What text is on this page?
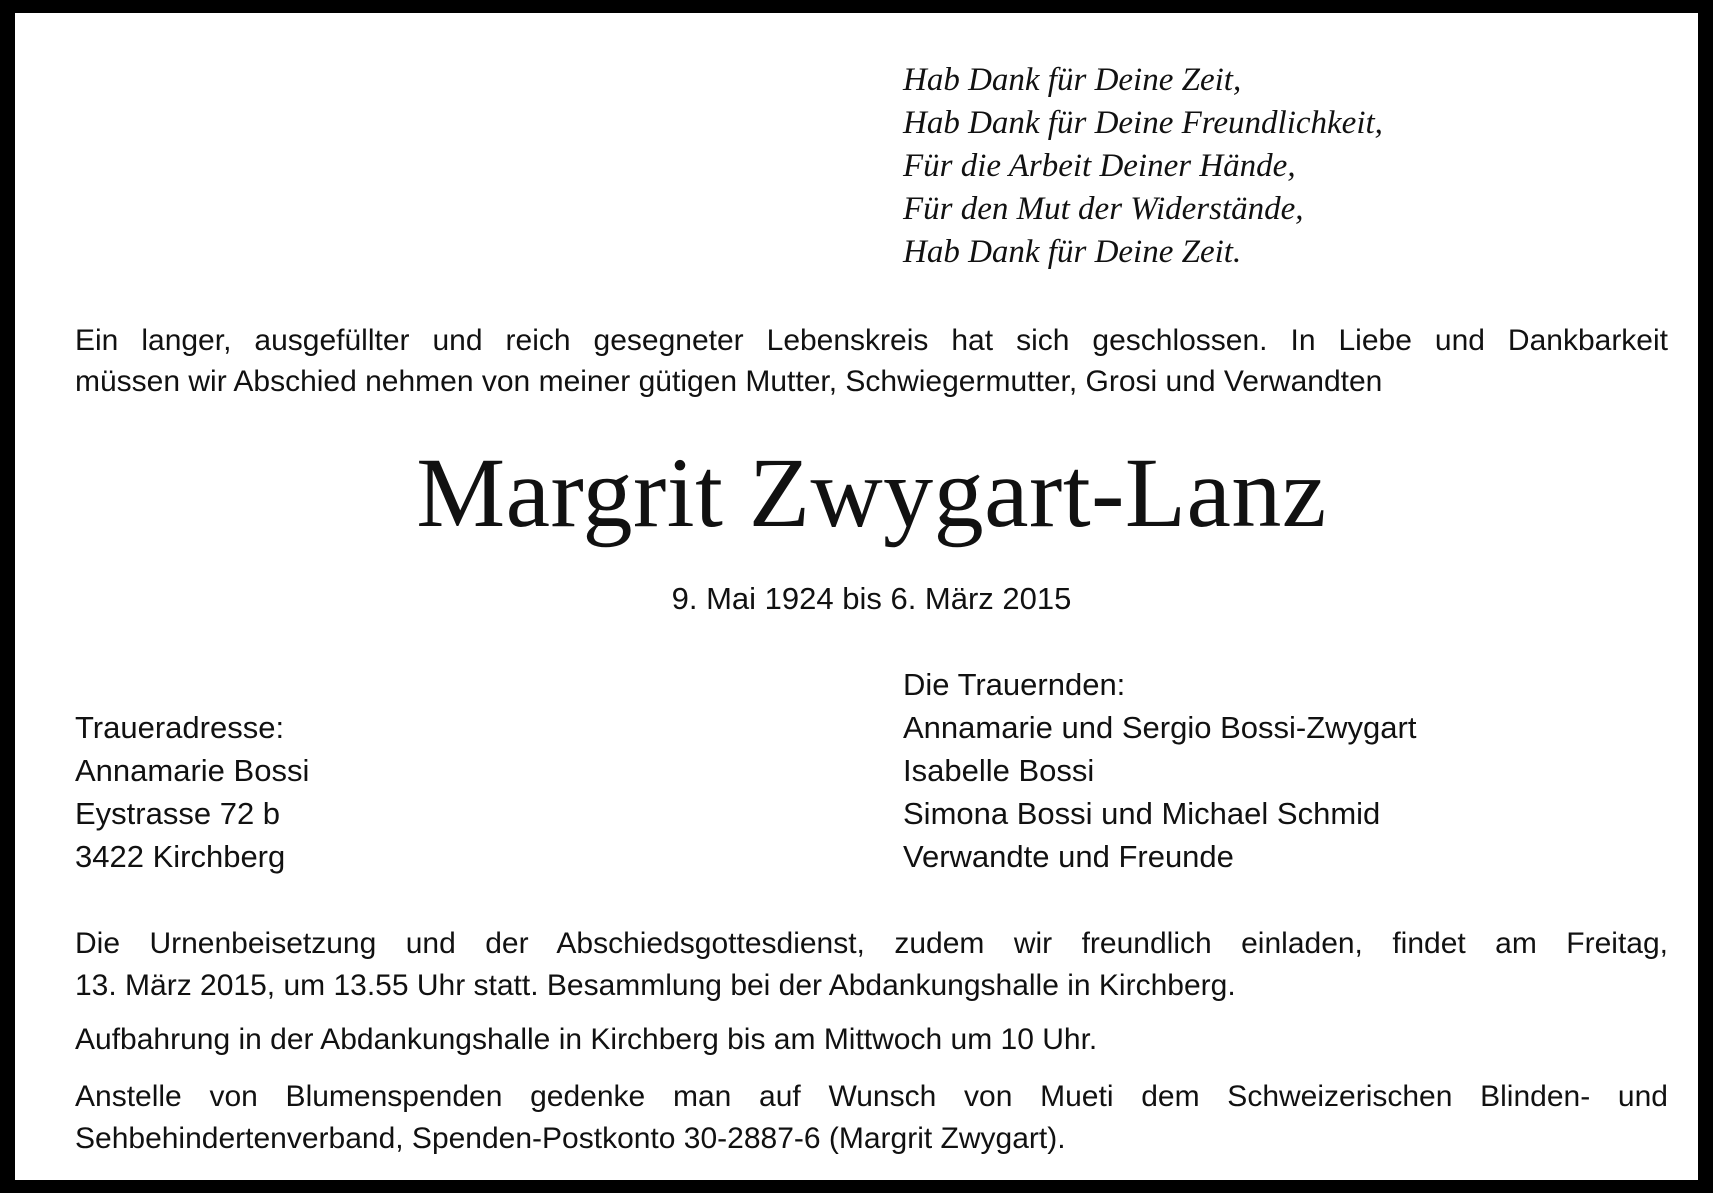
Hab Dank für Deine Zeit,
Hab Dank für Deine Freundlichkeit,
Für die Arbeit Deiner Hände,
Für den Mut der Widerstände,
Hab Dank für Deine Zeit.
Ein langer, ausgefüllter und reich gesegneter Lebenskreis hat sich geschlossen. In Liebe und Dankbarkeit
müssen wir Abschied nehmen von meiner gütigen Mutter, Schwiegermutter, Grosi und Verwandten
Margrit Zwygart-Lanz
9. Mai 1924 bis 6. März 2015
Traueradresse:
Annamarie Bossi
Eystrasse 72 b
3422 Kirchberg
Die Trauernden:
Annamarie und Sergio Bossi-Zwygart
Isabelle Bossi
Simona Bossi und Michael Schmid
Verwandte und Freunde
Die Urnenbeisetzung und der Abschiedsgottesdienst, zudem wir freundlich einladen, findet am Freitag,
13. März 2015, um 13.55 Uhr statt. Besammlung bei der Abdankungshalle in Kirchberg.
Aufbahrung in der Abdankungshalle in Kirchberg bis am Mittwoch um 10 Uhr.
Anstelle von Blumenspenden gedenke man auf Wunsch von Mueti dem Schweizerischen Blinden- und
Sehbehindertenverband, Spenden-Postkonto 30-2887-6 (Margrit Zwygart).
